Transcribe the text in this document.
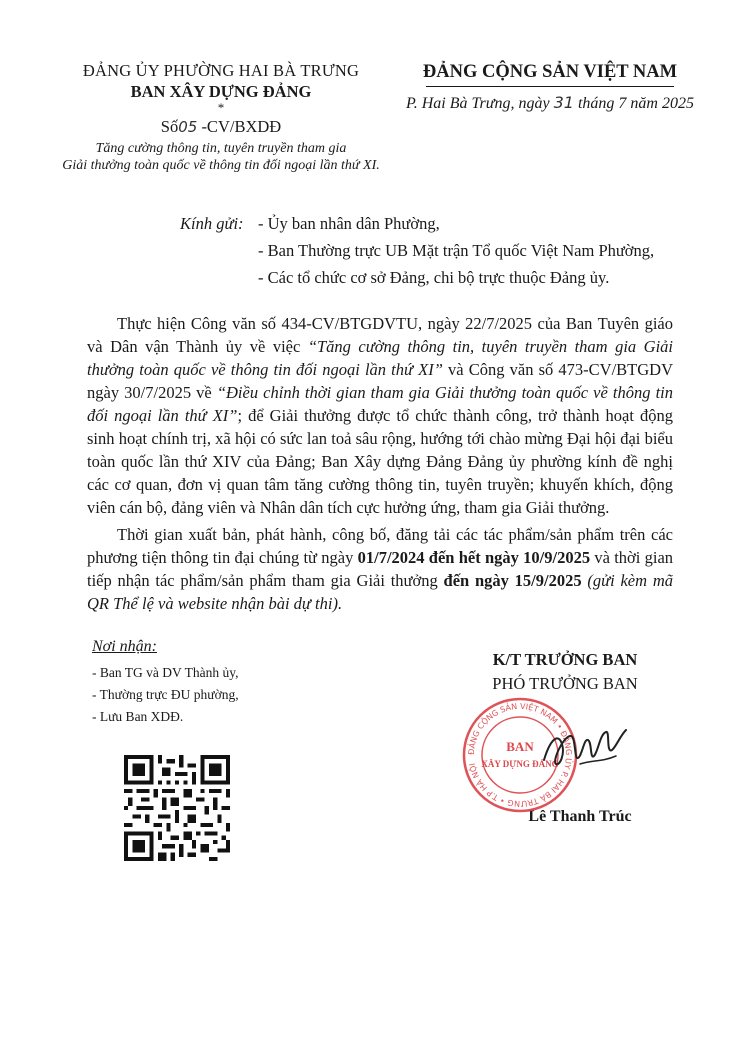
ĐẢNG ỦY PHƯỜNG HAI BÀ TRƯNG
BAN XÂY DỰNG ĐẢNG
*
Số05 -CV/BXDĐ
Tăng cường thông tin, tuyên truyền tham gia
Giải thưởng toàn quốc về thông tin đối ngoại lần thứ XI.
ĐẢNG CỘNG SẢN VIỆT NAM
P. Hai Bà Trưng, ngày 31 tháng 7 năm 2025
Kính gửi: - Ủy ban nhân dân Phường,
- Ban Thường trực UB Mặt trận Tổ quốc Việt Nam Phường,
- Các tổ chức cơ sở Đảng, chi bộ trực thuộc Đảng ủy.

Thực hiện Công văn số 434-CV/BTGDVTU, ngày 22/7/2025 của Ban Tuyên giáo và Dân vận Thành ủy về việc “Tăng cường thông tin, tuyên truyền tham gia Giải thưởng toàn quốc về thông tin đối ngoại lần thứ XI” và Công văn số 473-CV/BTGDV ngày 30/7/2025 về “Điều chỉnh thời gian tham gia Giải thưởng toàn quốc về thông tin đối ngoại lần thứ XI”; để Giải thưởng được tổ chức thành công, trở thành hoạt động sinh hoạt chính trị, xã hội có sức lan toả sâu rộng, hướng tới chào mừng Đại hội đại biểu toàn quốc lần thứ XIV của Đảng; Ban Xây dựng Đảng Đảng ủy phường kính đề nghị các cơ quan, đơn vị quan tâm tăng cường thông tin, tuyên truyền; khuyến khích, động viên cán bộ, đảng viên và Nhân dân tích cực hưởng ứng, tham gia Giải thưởng.

Thời gian xuất bản, phát hành, công bố, đăng tải các tác phẩm/sản phẩm trên các phương tiện thông tin đại chúng từ ngày 01/7/2024 đến hết ngày 10/9/2025 và thời gian tiếp nhận tác phẩm/sản phẩm tham gia Giải thưởng đến ngày 15/9/2025 (gửi kèm mã QR Thể lệ và website nhận bài dự thi).

Nơi nhận:
- Ban TG và DV Thành ủy,
- Thường trực ĐU phường,
- Lưu Ban XDĐ.
K/T TRƯỞNG BAN
PHÓ TRƯỞNG BAN
Lê Thanh Trúc
ĐẢNG CỘNG SẢN VIỆT NAM • ĐẢNG ỦY P. HAI BÀ TRƯNG • T.P HÀ NỘI
BAN
XÂY DỰNG ĐẢNG
